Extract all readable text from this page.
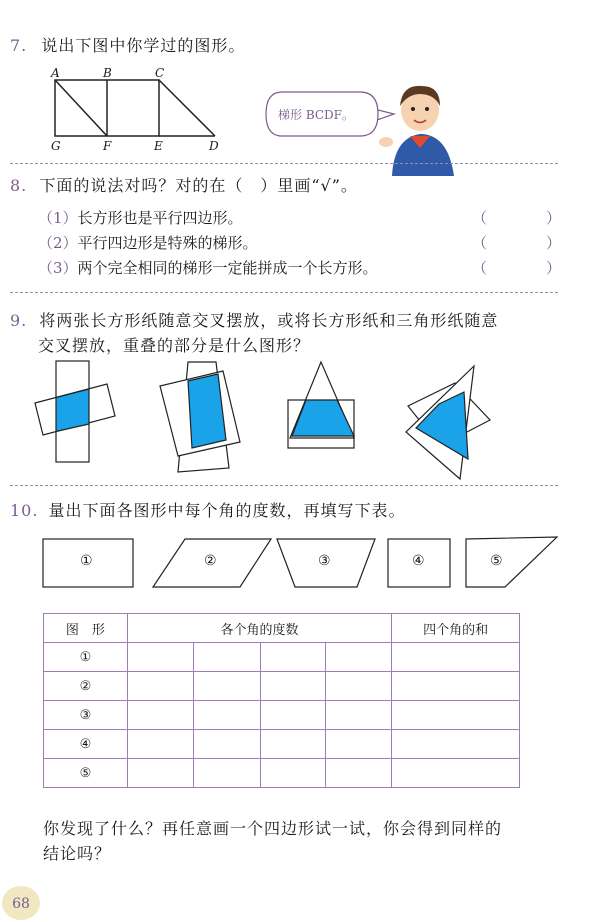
7. 说出下图中你学过的图形。
A	B	C
G	F	E	D
梯形 BCDF。
8. 下面的说法对吗？对的在（　）里画“√”。
（1）长方形也是平行四边形。	（　）
（2）平行四边形是特殊的梯形。	（　）
（3）两个完全相同的梯形一定能拼成一个长方形。	（　）
9. 将两张长方形纸随意交叉摆放，或将长方形纸和三角形纸随意
交叉摆放，重叠的部分是什么图形？
10. 量出下面各图形中每个角的度数，再填写下表。
①	②	③	④	⑤
图　形	各个角的度数				四个角的和
①					
②					
③					
④					
⑤					
你发现了什么？再任意画一个四边形试一试，你会得到同样的
结论吗？
68
